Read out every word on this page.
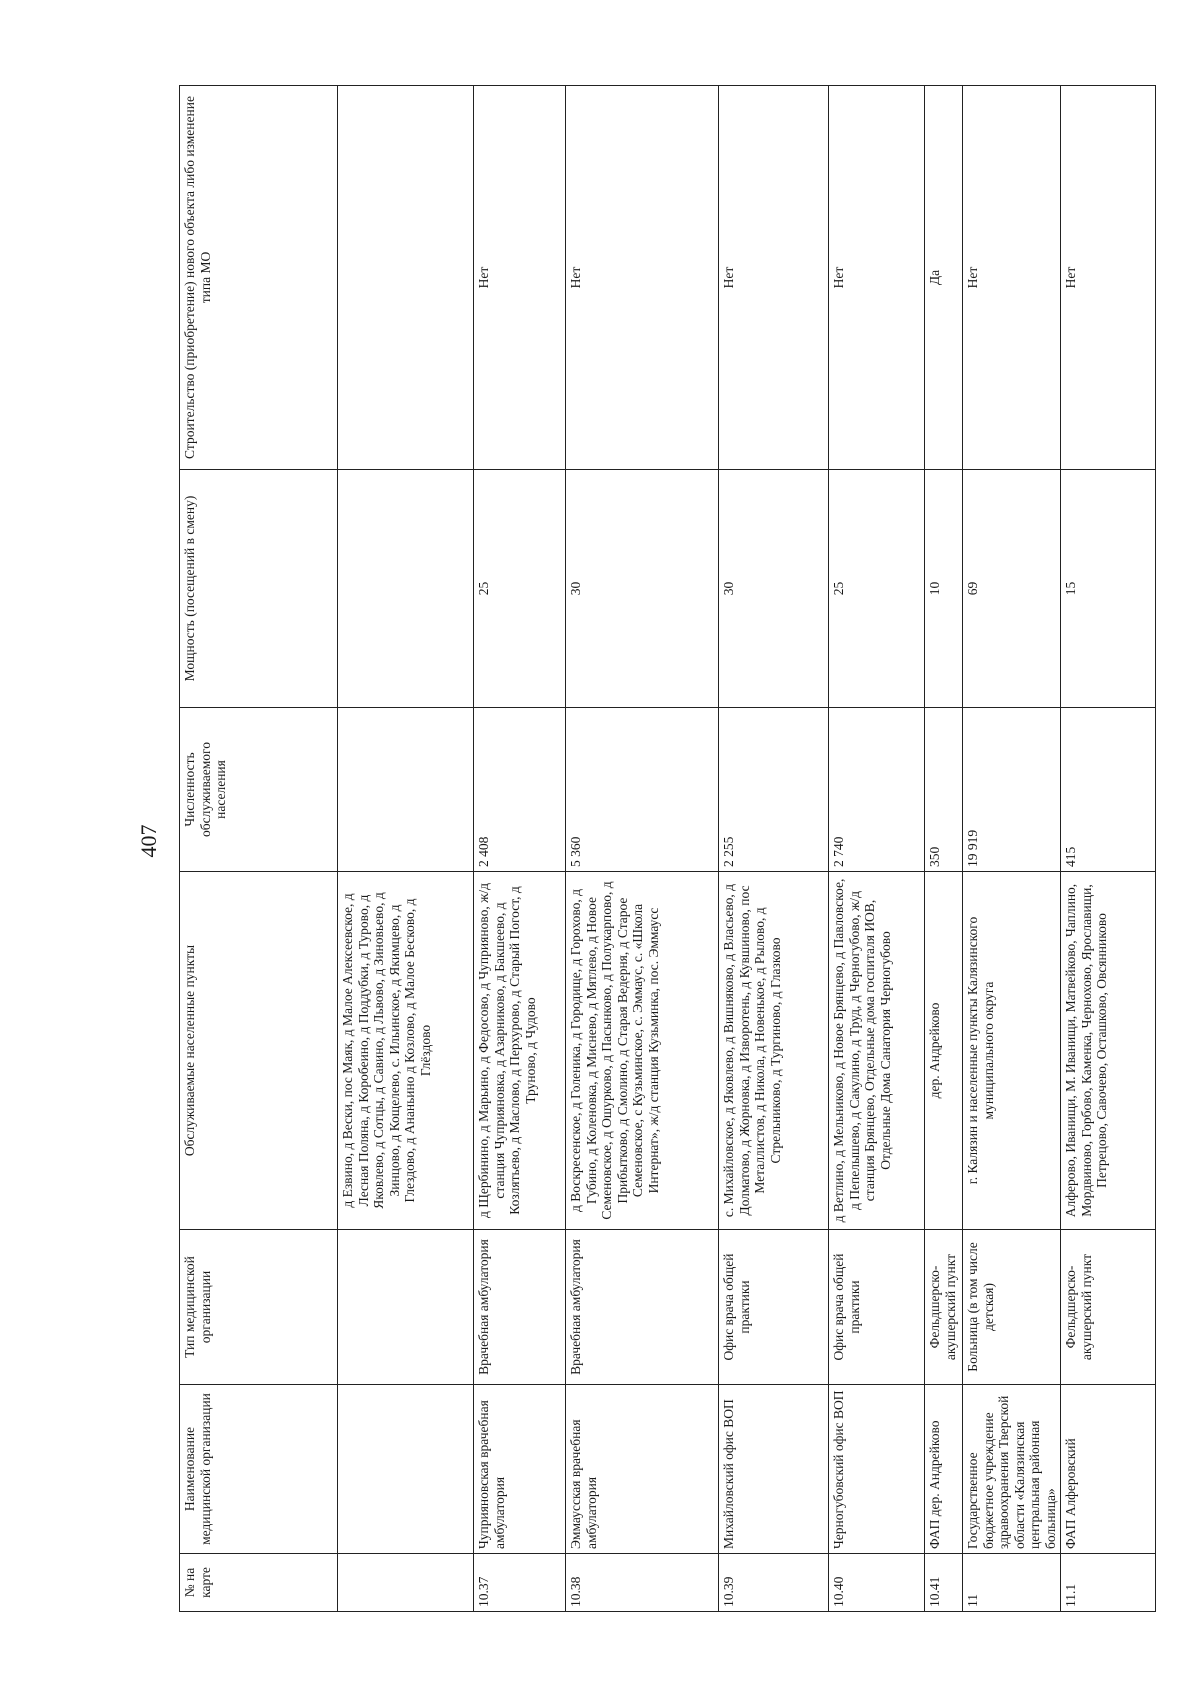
407
№ на карте	Наименование медицинской организации	Тип медицинской организации	Обслуживаемые населенные пункты	Численность обслуживаемого населения	Мощность (посещений в смену)	Строительство (приобретение) нового объекта либо изменение типа МО
			д Езвино, д Вески, пос Маяк, д Малое Алексеевское, д Лесная Поляна, д Коробеино, д Поддубки, д Турово, д Яковлево, д Сотцы, д Савино, д Львово, д Зиновьево, д Зинцово, д Кощелево, с. Ильинское, д Якимцево, д Глездово, д Ананьино д Козлово, д Малое Бесково, д Глёздово			
10.37	Чуприяновская врачебная амбулатория	Врачебная амбулатория	д Щербинино, д Марьино, д Федосово, д Чуприяново, ж/д станция Чуприяновка, д Азарниково, д Бакшеево, д Козлятьево, д Маслово, д Перхурово, д Старый Погост, д Труново, д Чудово	2 408	25	Нет
10.38	Эммаусская врачебная амбулатория	Врачебная амбулатория	д Воскресенское, д Голеника, д Городище, д Горохово, д Губино, д Коленовка, д Миснево, д Мятлево, д Новое Семеновское, д Ошурково, д Пасынково, д Полукарпово, д Прибытково, д Смолино, д Старая Ведерня, д Старое Семеновское, с Кузьминское, с. Эммаус, с. «Школа Интернат», ж/д станция Кузьминка, пос. Эммаусс	5 360	30	Нет
10.39	Михайловский офис ВОП	Офис врача общей практики	с. Михайловское, д Яковлево, д Вишняково, д Власьево, д Долматово, д Жорновка, д Изворотень, д Кувшиново, пос Металлистов, д Никола, д Новенькое, д Рылово, д Стрельниково, д Тургиново, д Глазково	2 255	30	Нет
10.40	Черногубовский офис ВОП	Офис врача общей практики	д Ветлино, д Мельниково, д Новое Брянцево, д Павловское, д Пепелышево, д Сакулино, д Труд, д Черногубово, ж/д станция Брянцево, Отдельные дома госпиталя ИОВ, Отдельные Дома Санатория Черногубово	2 740	25	Нет
10.41	ФАП дер. Андрейково	Фельдшерско-акушерский пункт	дер. Андрейково	350	10	Да
11	Государственное бюджетное учреждение здравоохранения Тверской области «Калязинская центральная районная больница»	Больница (в том числе детская)	г. Калязин и населенные пункты Калязинского муниципального округа	19 919	69	Нет
11.1	ФАП Алферовский	Фельдшерско-акушерский пункт	Алферово, Иванищи, М. Иванищи, Матвейково, Чаплино, Мордвиново, Горбово, Каменка, Чернохово, Ярославищи, Петрецово, Савочево, Осташково, Овсянниково	415	15	Нет
